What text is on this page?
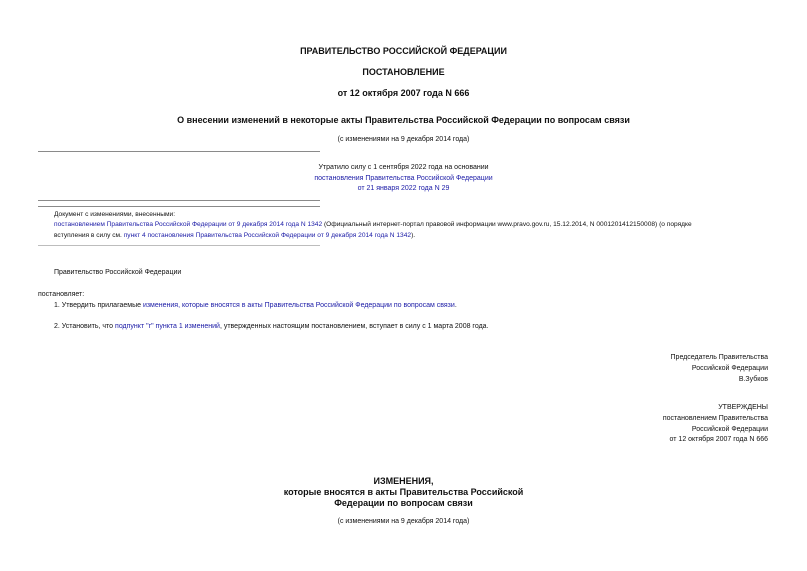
ПРАВИТЕЛЬСТВО РОССИЙСКОЙ ФЕДЕРАЦИИ
ПОСТАНОВЛЕНИЕ
от 12 октября 2007 года N 666
О внесении изменений в некоторые акты Правительства Российской Федерации по вопросам связи
(с изменениями на 9 декабря 2014 года)
Утратило силу с 1 сентября 2022 года на основании
постановления Правительства Российской Федерации
от 21 января 2022 года N 29
Документ с изменениями, внесенными:
постановлением Правительства Российской Федерации от 9 декабря 2014 года N 1342 (Официальный интернет-портал правовой информации www.pravo.gov.ru, 15.12.2014, N 0001201412150008) (о порядке
вступления в силу см. пункт 4 постановления Правительства Российской Федерации от 9 декабря 2014 года N 1342).
Правительство Российской Федерации
постановляет:
1. Утвердить прилагаемые изменения, которые вносятся в акты Правительства Российской Федерации по вопросам связи.
2. Установить, что подпункт "г" пункта 1 изменений, утвержденных настоящим постановлением, вступает в силу с 1 марта 2008 года.
Председатель Правительства
Российской Федерации
В.Зубков
УТВЕРЖДЕНЫ
постановлением Правительства
Российской Федерации
от 12 октября 2007 года N 666
ИЗМЕНЕНИЯ,
которые вносятся в акты Правительства Российской
Федерации по вопросам связи
(с изменениями на 9 декабря 2014 года)
